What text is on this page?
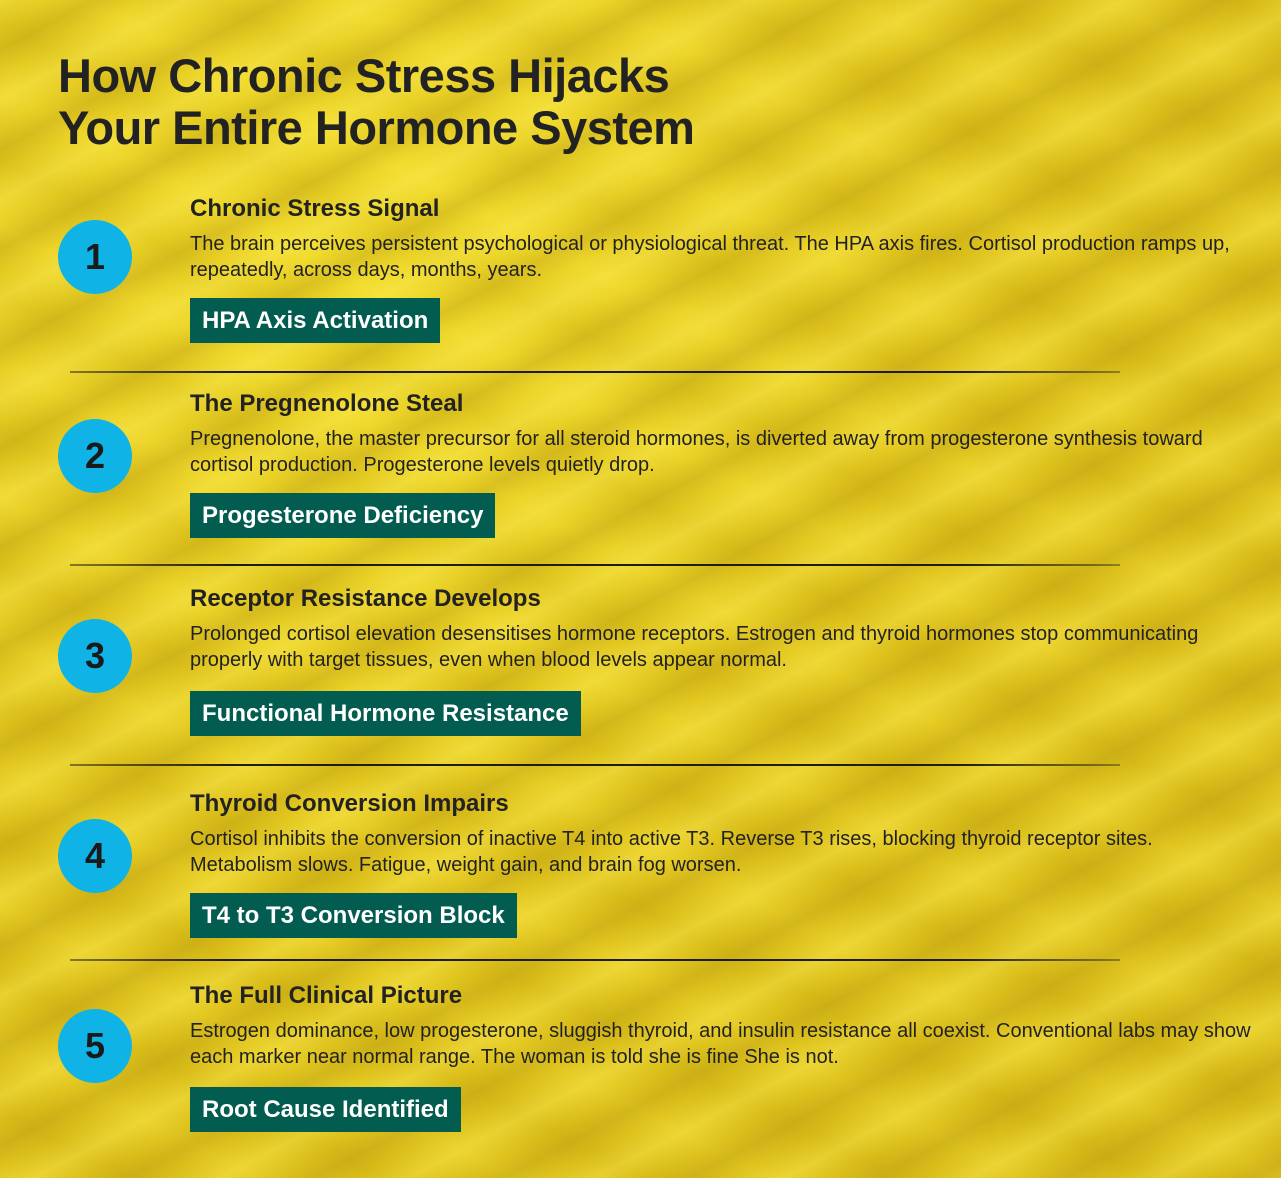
How Chronic Stress Hijacks
Your Entire Hormone System
1
Chronic Stress Signal

The brain perceives persistent psychological or physiological threat. The HPA axis fires. Cortisol production ramps up, repeatedly, across days, months, years.

HPA Axis Activation
2
The Pregnenolone Steal

Pregnenolone, the master precursor for all steroid hormones, is diverted away from progesterone synthesis toward cortisol production. Progesterone levels quietly drop.

Progesterone Deficiency
3
Receptor Resistance Develops

Prolonged cortisol elevation desensitises hormone receptors. Estrogen and thyroid hormones stop communicating properly with target tissues, even when blood levels appear normal.

Functional Hormone Resistance
4
Thyroid Conversion Impairs

Cortisol inhibits the conversion of inactive T4 into active T3. Reverse T3 rises, blocking thyroid receptor sites. Metabolism slows. Fatigue, weight gain, and brain fog worsen.

T4 to T3 Conversion Block
5
The Full Clinical Picture

Estrogen dominance, low progesterone, sluggish thyroid, and insulin resistance all coexist. Conventional labs may show each marker near normal range. The woman is told she is fine She is not.

Root Cause Identified
